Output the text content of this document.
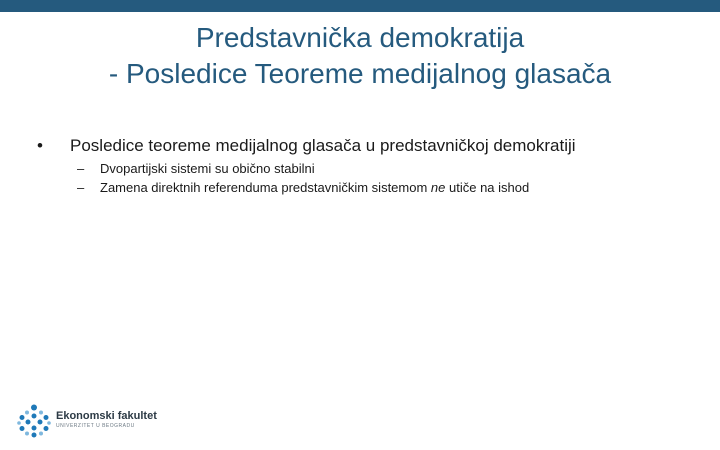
Predstavnička demokratija
- Posledice Teoreme medijalnog glasača
•	Posledice teoreme medijalnog glasača u predstavničkoj demokratiji
– Dvopartijski sistemi su obično stabilni
– Zamena direktnih referenduma predstavničkim sistemom ne utiče na ishod
Ekonomski fakultet
UNIVERZITET U BEOGRADU
